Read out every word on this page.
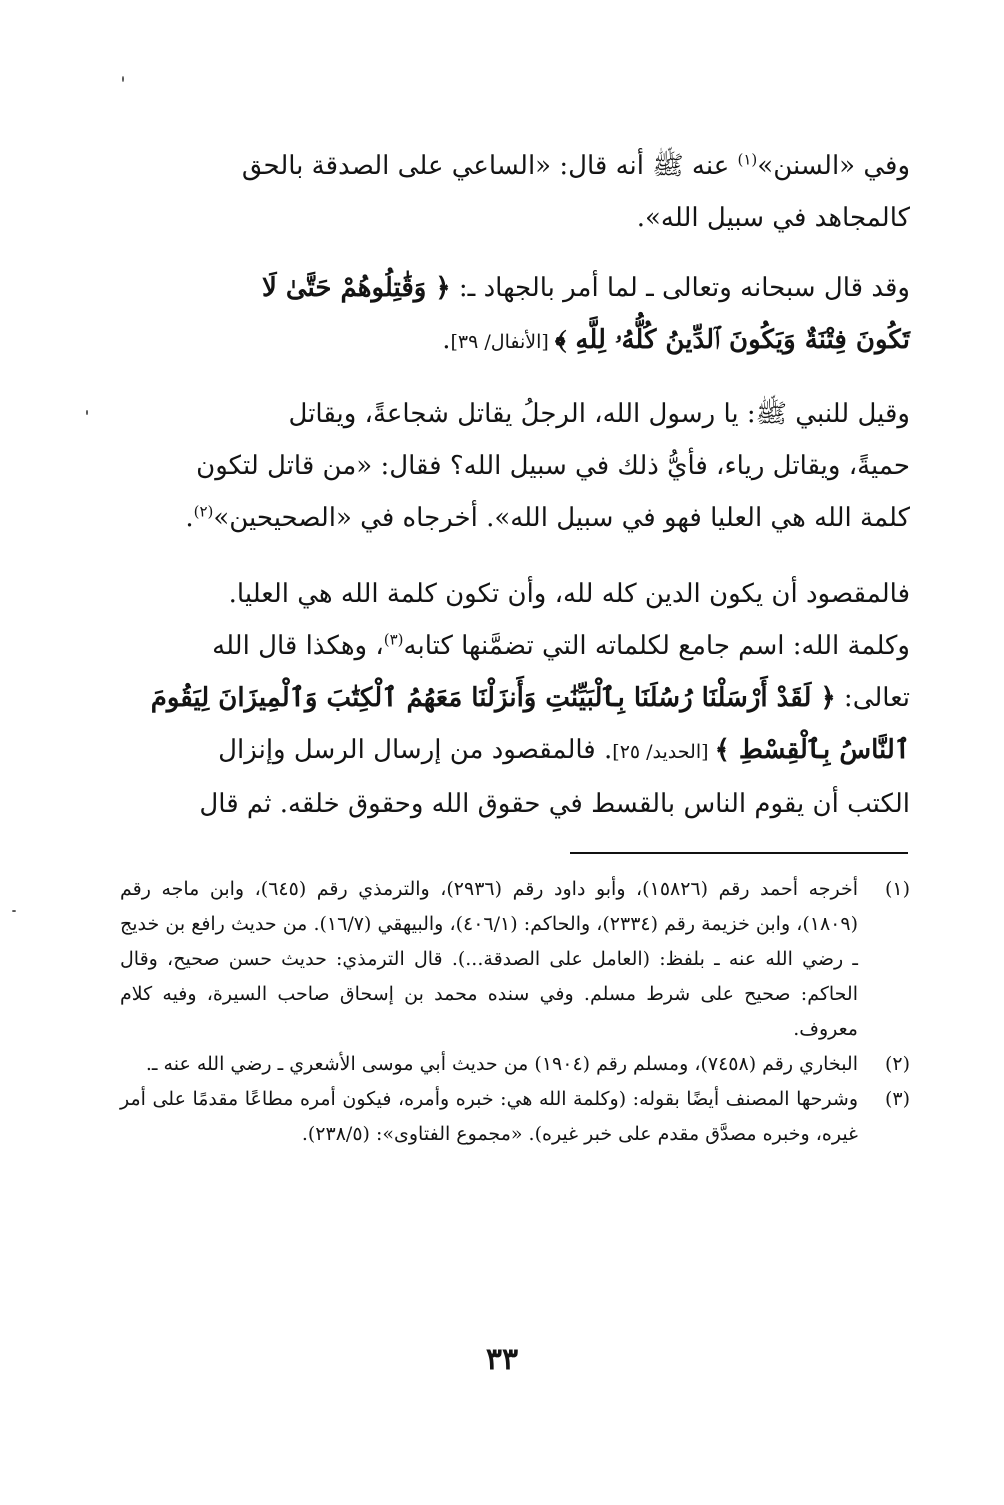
وفي «السنن»$^{(١)}$ عنه ﷺ أنه قال: «الساعي على الصدقة بالحق
كالمجاهد في سبيل الله».
وقد قال سبحانه وتعالى ـ لما أمر بالجهاد ـ: ﴿ وَقَٰتِلُوهُمْ حَتَّىٰ لَا
تَكُونَ فِتْنَةٌ وَيَكُونَ ٱلدِّينُ كُلُّهُۥ لِلَّهِ ﴾ [الأنفال/ ٣٩].
وقيل للنبي ﷺ: يا رسول الله، الرجلُ يقاتل شجاعةً، ويقاتل
حميةً، ويقاتل رياء، فأيُّ ذلك في سبيل الله؟ فقال: «من قاتل لتكون
كلمة الله هي العليا فهو في سبيل الله». أخرجاه في «الصحيحين»$^{(٢)}$.
فالمقصود أن يكون الدين كله لله، وأن تكون كلمة الله هي العليا.
وكلمة الله: اسم جامع لكلماته التي تضمَّنها كتابه$^{(٣)}$، وهكذا قال الله
تعالى: ﴿ لَقَدْ أَرْسَلْنَا رُسُلَنَا بِٱلْبَيِّنَٰتِ وَأَنزَلْنَا مَعَهُمُ ٱلْكِتَٰبَ وَٱلْمِيزَانَ لِيَقُومَ
ٱلنَّاسُ بِٱلْقِسْطِ ﴾ [الحديد/ ٢٥]. فالمقصود من إرسال الرسل وإنزال
الكتب أن يقوم الناس بالقسط في حقوق الله وحقوق خلقه. ثم قال
(١)
أخرجه أحمد رقم (١٥٨٢٦)، وأبو داود رقم (٢٩٣٦)، والترمذي رقم (٦٤٥)، وابن ماجه رقم (١٨٠٩)، وابن خزيمة رقم (٢٣٣٤)، والحاكم: (٤٠٦/١)، والبيهقي (١٦/٧). من حديث رافع بن خديج ـ رضي الله عنه ـ بلفظ: (العامل على الصدقة...). قال الترمذي: حديث حسن صحيح، وقال الحاكم: صحيح على شرط مسلم. وفي سنده محمد بن إسحاق صاحب السيرة، وفيه كلام معروف.
(٢)
البخاري رقم (٧٤٥٨)، ومسلم رقم (١٩٠٤) من حديث أبي موسى الأشعري ـ رضي الله عنه ـ.
(٣)
وشرحها المصنف أيضًا بقوله: (وكلمة الله هي: خبره وأمره، فيكون أمره مطاعًا مقدمًا على أمر غيره، وخبره مصدَّق مقدم على خبر غيره). «مجموع الفتاوى»: (٢٣٨/٥).
٣٣
